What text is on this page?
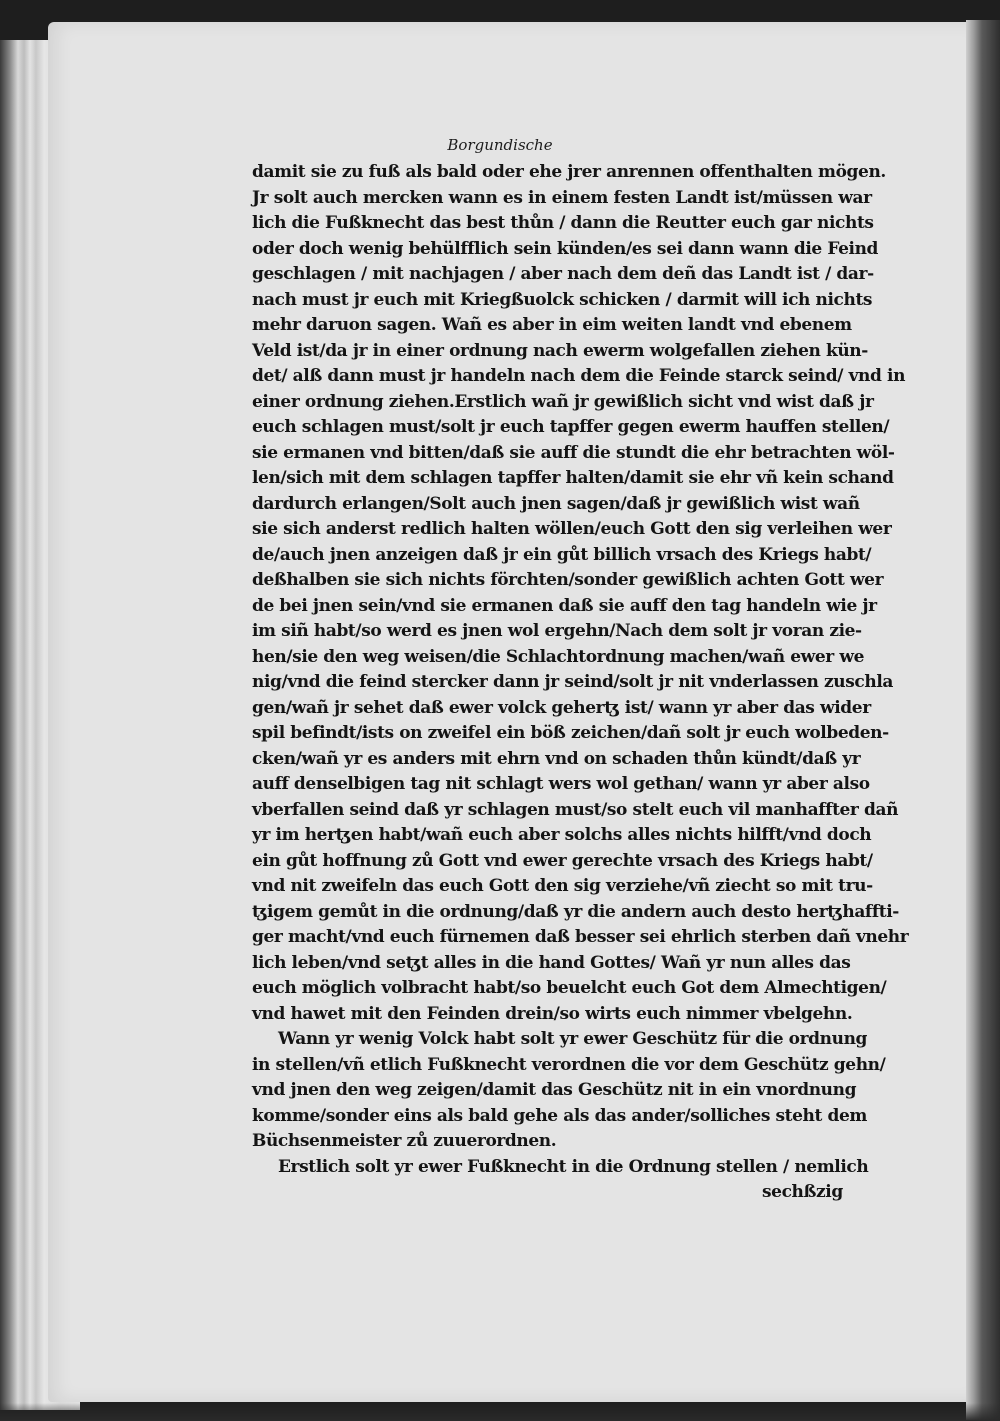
Borgundische
damit sie zu fuß als bald oder ehe jrer anrennen offenthalten mögen.
Jr solt auch mercken wann es in einem festen Landt ist/müssen war
lich die Fußknecht das best thůn / dann die Reutter euch gar nichts
oder doch wenig behülfflich sein künden/es sei dann wann die Feind
geschlagen / mit nachjagen / aber nach dem deñ das Landt ist / dar-
nach must jr euch mit Kriegßuolck schicken / darmit will ich nichts
mehr daruon sagen. Wañ es aber in eim weiten landt vnd ebenem
Veld ist/da jr in einer ordnung nach ewerm wolgefallen ziehen kün-
det/ alß dann must jr handeln nach dem die Feinde starck seind/ vnd in
einer ordnung ziehen.Erstlich wañ jr gewißlich sicht vnd wist daß jr
euch schlagen must/solt jr euch tapffer gegen ewerm hauffen stellen/
sie ermanen vnd bitten/daß sie auff die stundt die ehr betrachten wöl-
len/sich mit dem schlagen tapffer halten/damit sie ehr vñ kein schand
dardurch erlangen/Solt auch jnen sagen/daß jr gewißlich wist wañ
sie sich anderst redlich halten wöllen/euch Gott den sig verleihen wer
de/auch jnen anzeigen daß jr ein gůt billich vrsach des Kriegs habt/
deßhalben sie sich nichts förchten/sonder gewißlich achten Gott wer
de bei jnen sein/vnd sie ermanen daß sie auff den tag handeln wie jr
im siñ habt/so werd es jnen wol ergehn/Nach dem solt jr voran zie-
hen/sie den weg weisen/die Schlachtordnung machen/wañ ewer we
nig/vnd die feind stercker dann jr seind/solt jr nit vnderlassen zuschla
gen/wañ jr sehet daß ewer volck geherꜩ ist/ wann yr aber das wider
spil befindt/ists on zweifel ein böß zeichen/dañ solt jr euch wolbeden-
cken/wañ yr es anders mit ehrn vnd on schaden thůn kündt/daß yr
auff denselbigen tag nit schlagt wers wol gethan/ wann yr aber also
vberfallen seind daß yr schlagen must/so stelt euch vil manhaffter dañ
yr im herꜩen habt/wañ euch aber solchs alles nichts hilfft/vnd doch
ein gůt hoffnung zů Gott vnd ewer gerechte vrsach des Kriegs habt/
vnd nit zweifeln das euch Gott den sig verziehe/vñ ziecht so mit tru-
ꜩigem gemůt in die ordnung/daß yr die andern auch desto herꜩhaffti-
ger macht/vnd euch fürnemen daß besser sei ehrlich sterben dañ vnehr
lich leben/vnd seꜩt alles in die hand Gottes/ Wañ yr nun alles das
euch möglich volbracht habt/so beuelcht euch Got dem Almechtigen/
vnd hawet mit den Feinden drein/so wirts euch nimmer vbelgehn.
Wann yr wenig Volck habt solt yr ewer Geschütz für die ordnung
in stellen/vñ etlich Fußknecht verordnen die vor dem Geschütz gehn/
vnd jnen den weg zeigen/damit das Geschütz nit in ein vnordnung
komme/sonder eins als bald gehe als das ander/solliches steht dem
Büchsenmeister zů zuuerordnen.
Erstlich solt yr ewer Fußknecht in die Ordnung stellen / nemlich
sechßzig
